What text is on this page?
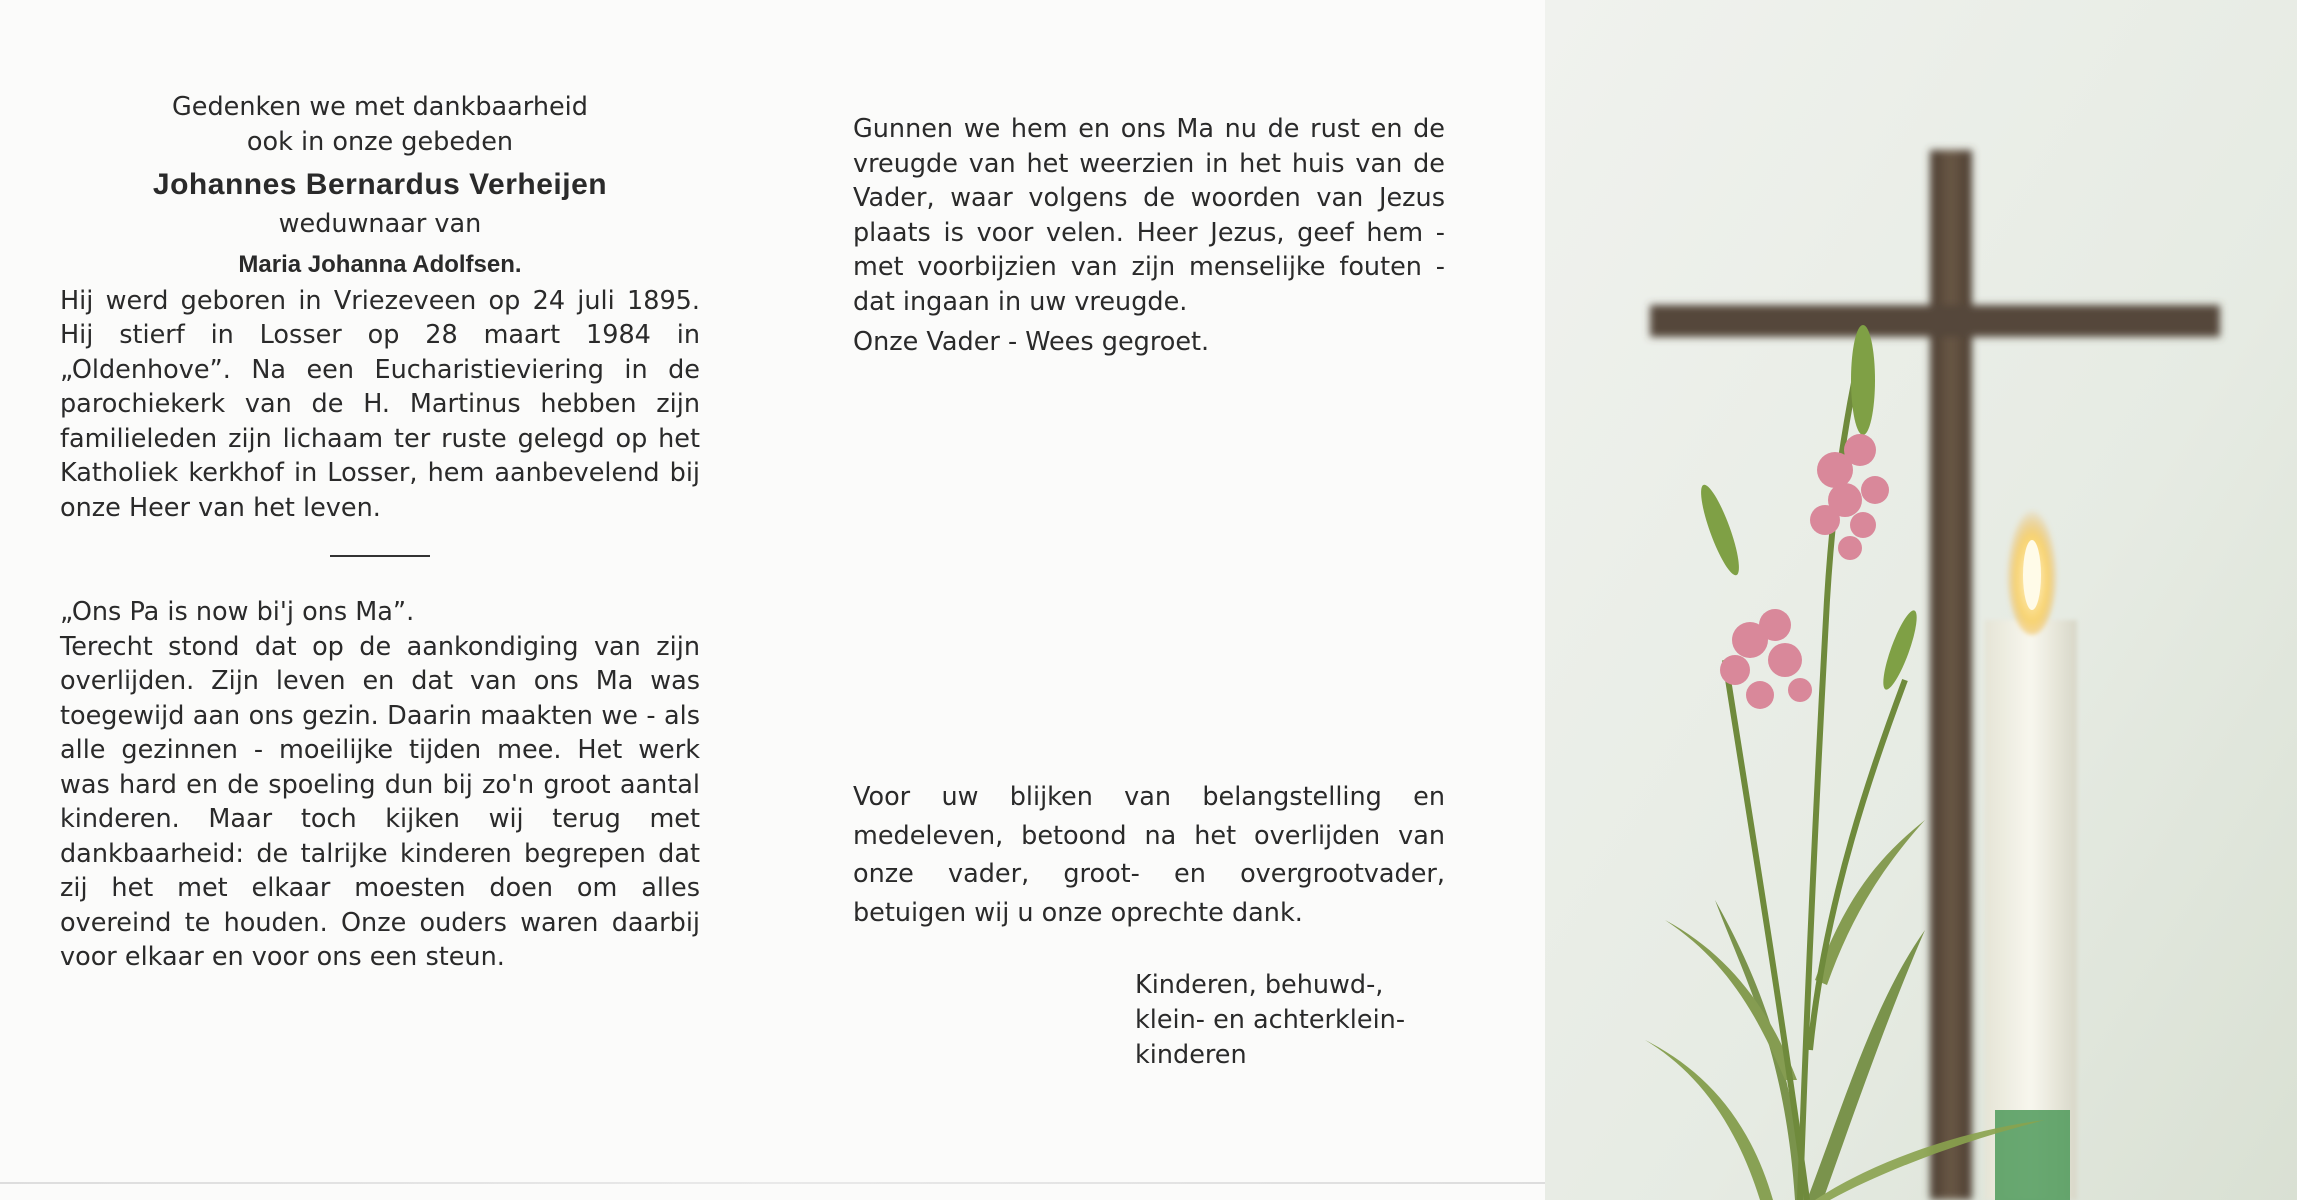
Gedenken we met dankbaarheid
ook in onze gebeden
Johannes Bernardus Verheijen
weduwnaar van
Maria Johanna Adolfsen.
Hij werd geboren in Vriezeveen op 24 juli 1895. Hij stierf in Losser op 28 maart 1984 in „Oldenhove”. Na een Eucharistieviering in de parochiekerk van de H. Martinus hebben zijn familieleden zijn lichaam ter ruste gelegd op het Katholiek kerkhof in Losser, hem aanbevelend bij onze Heer van het leven.
„Ons Pa is now bi'j ons Ma”.
Terecht stond dat op de aankondiging van zijn overlijden. Zijn leven en dat van ons Ma was toegewijd aan ons gezin. Daarin maakten we - als alle gezinnen - moeilijke tijden mee. Het werk was hard en de spoeling dun bij zo'n groot aantal kinderen. Maar toch kijken wij terug met dankbaarheid: de talrijke kinderen begrepen dat zij het met elkaar moesten doen om alles overeind te houden. Onze ouders waren daarbij voor elkaar en voor ons een steun.
Gunnen we hem en ons Ma nu de rust en de vreugde van het weerzien in het huis van de Vader, waar volgens de woorden van Jezus plaats is voor velen. Heer Jezus, geef hem - met voorbijzien van zijn menselijke fouten - dat ingaan in uw vreugde.
Onze Vader - Wees gegroet.
Voor uw blijken van belangstelling en medeleven, betoond na het overlijden van onze vader, groot- en overgrootvader, betuigen wij u onze oprechte dank.
Kinderen, behuwd-,
klein- en achterklein-
kinderen
